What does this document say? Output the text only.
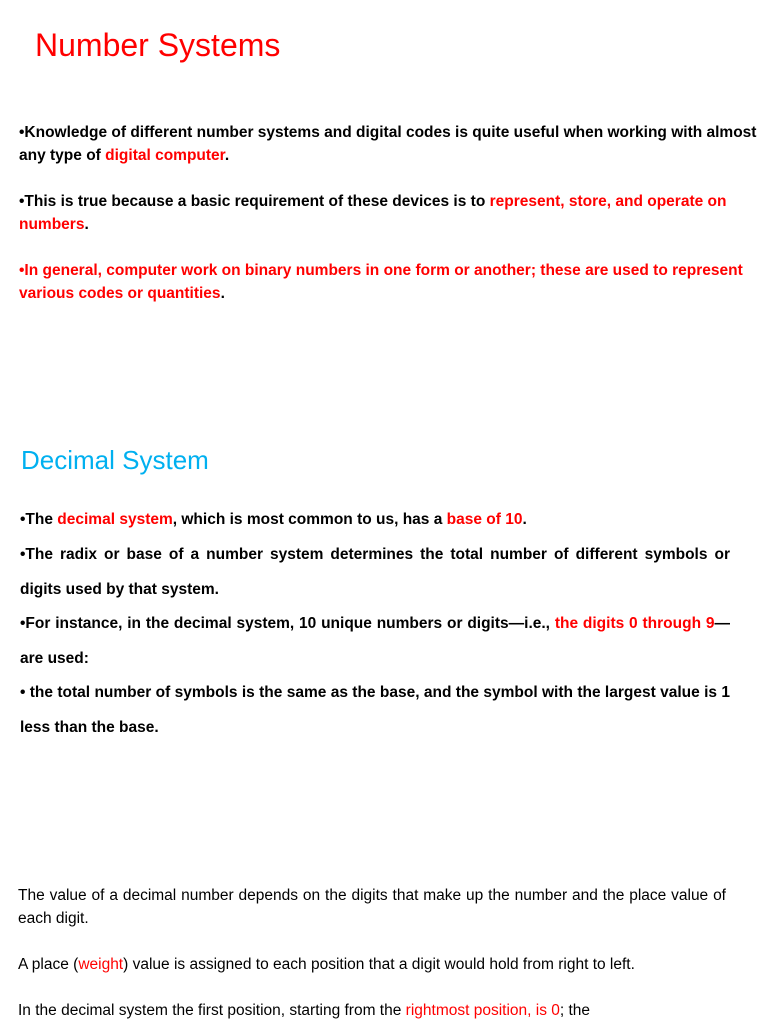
Number Systems

•Knowledge of different number systems and digital codes is quite useful when working with almost any type of digital computer.

•This is true because a basic requirement of these devices is to represent, store, and operate on numbers.

•In general, computer work on binary numbers in one form or another; these are used to represent various codes or quantities.

Decimal System

•The decimal system, which is most common to us, has a base of 10.

•The radix or base of a number system determines the total number of different symbols or digits used by that system.

•For instance, in the decimal system, 10 unique numbers or digits—i.e., the digits 0 through 9—are used:

• the total number of symbols is the same as the base, and the symbol with the largest value is 1 less than the base.

The value of a decimal number depends on the digits that make up the number and the place value of each digit.

A place (weight) value is assigned to each position that a digit would hold from right to left.

In the decimal system the first position, starting from the rightmost position, is 0; the
